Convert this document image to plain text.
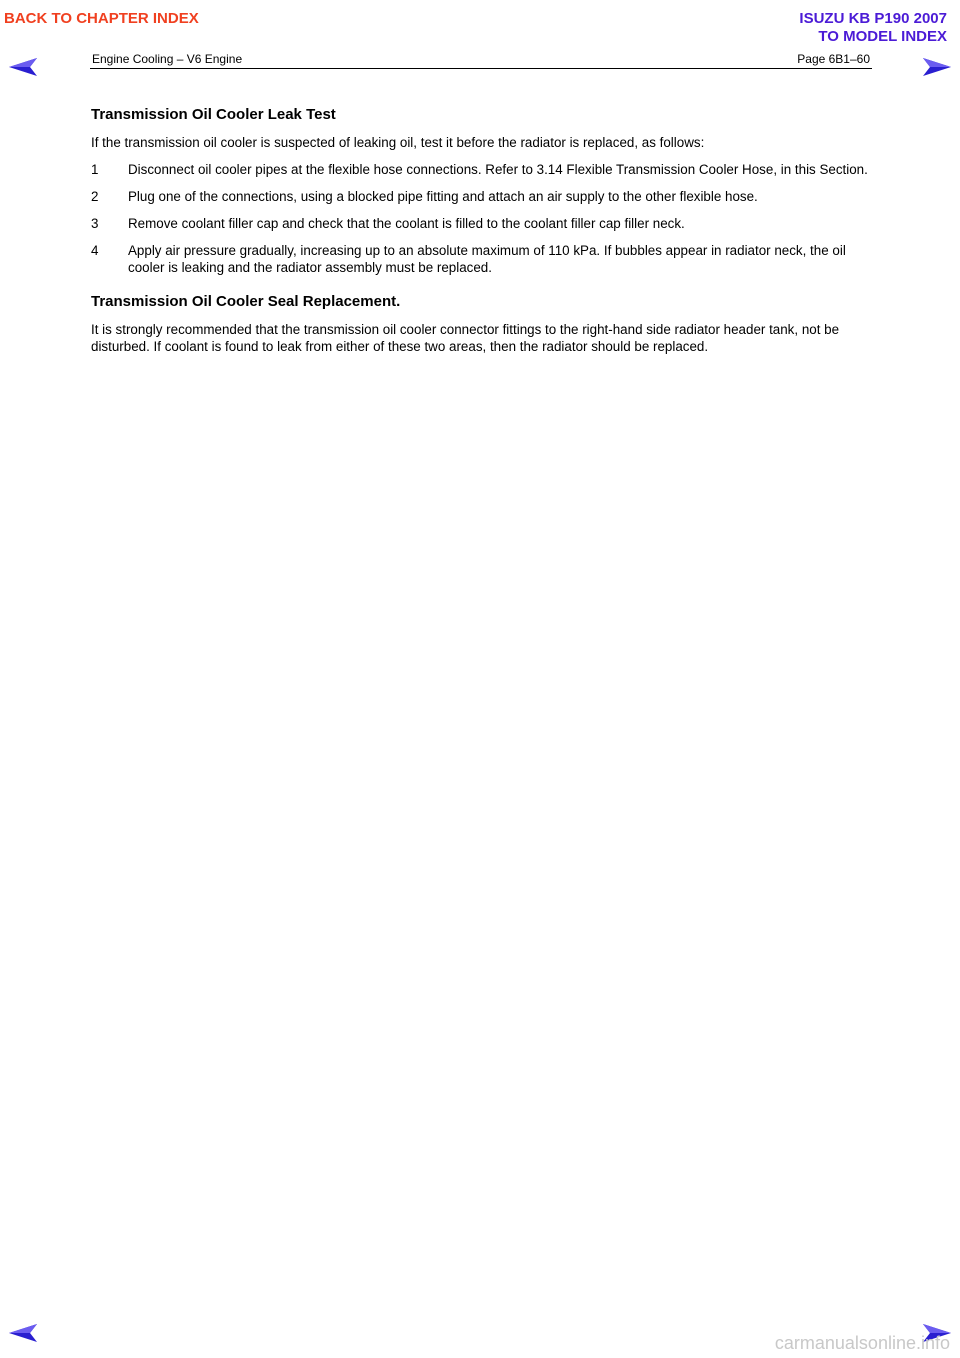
BACK TO CHAPTER INDEX	ISUZU KB P190 2007
TO MODEL INDEX
Engine Cooling – V6 Engine	Page 6B1–60
Transmission Oil Cooler Leak Test

If the transmission oil cooler is suspected of leaking oil, test it before the radiator is replaced, as follows:

1	Disconnect oil cooler pipes at the flexible hose connections. Refer to 3.14 Flexible Transmission Cooler Hose, in this Section.
2	Plug one of the connections, using a blocked pipe fitting and attach an air supply to the other flexible hose.
3	Remove coolant filler cap and check that the coolant is filled to the coolant filler cap filler neck.
4	Apply air pressure gradually, increasing up to an absolute maximum of 110 kPa. If bubbles appear in radiator neck, the oil cooler is leaking and the radiator assembly must be replaced.
Transmission Oil Cooler Seal Replacement.

It is strongly recommended that the transmission oil cooler connector fittings to the right-hand side radiator header tank, not be disturbed. If coolant is found to leak from either of these two areas, then the radiator should be replaced.

carmanualsonline.info
